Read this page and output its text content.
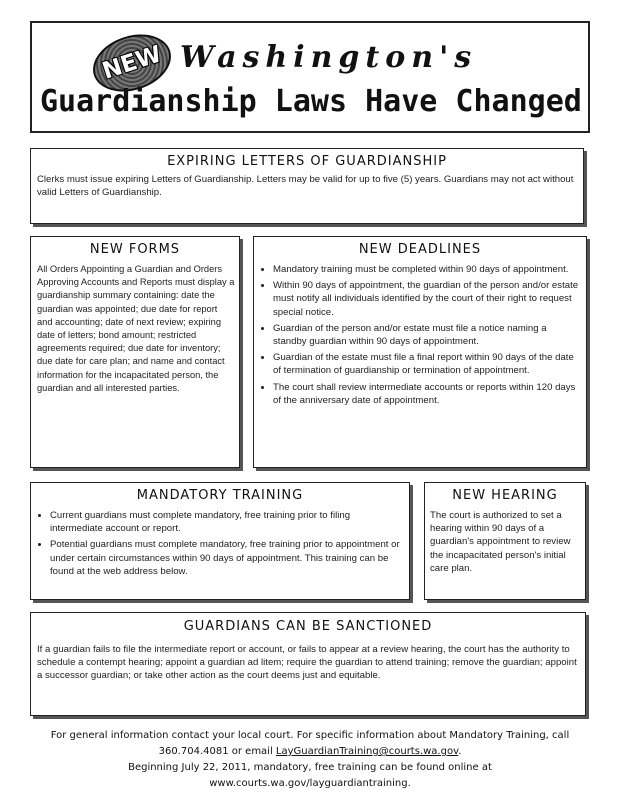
NEW Washington's
Guardianship Laws Have Changed
EXPIRING LETTERS OF GUARDIANSHIP
Clerks must issue expiring Letters of Guardianship. Letters may be valid for up to five (5) years. Guardians may not act without valid Letters of Guardianship.
NEW FORMS
All Orders Appointing a Guardian and Orders Approving Accounts and Reports must display a guardianship summary containing: date the guardian was appointed; due date for report and accounting; date of next review; expiring date of letters; bond amount; restricted agreements required; due date for inventory; due date for care plan; and name and contact information for the incapacitated person, the guardian and all interested parties.
NEW DEADLINES
• Mandatory training must be completed within 90 days of appointment.
• Within 90 days of appointment, the guardian of the person and/or estate must notify all individuals identified by the court of their right to request special notice.
• Guardian of the person and/or estate must file a notice naming a standby guardian within 90 days of appointment.
• Guardian of the estate must file a final report within 90 days of the date of termination of guardianship or termination of appointment.
• The court shall review intermediate accounts or reports within 120 days of the anniversary date of appointment.
MANDATORY TRAINING
• Current guardians must complete mandatory, free training prior to filing intermediate account or report.
• Potential guardians must complete mandatory, free training prior to appointment or under certain circumstances within 90 days of appointment. This training can be found at the web address below.
NEW HEARING
The court is authorized to set a hearing within 90 days of a guardian's appointment to review the incapacitated person's initial care plan.
GUARDIANS CAN BE SANCTIONED
If a guardian fails to file the intermediate report or account, or fails to appear at a review hearing, the court has the authority to schedule a contempt hearing; appoint a guardian ad litem; require the guardian to attend training; remove the guardian; appoint a successor guardian; or take other action as the court deems just and equitable.
For general information contact your local court. For specific information about Mandatory Training, call
360.704.4081 or email LayGuardianTraining@courts.wa.gov.
Beginning July 22, 2011, mandatory, free training can be found online at www.courts.wa.gov/layguardiantraining.
